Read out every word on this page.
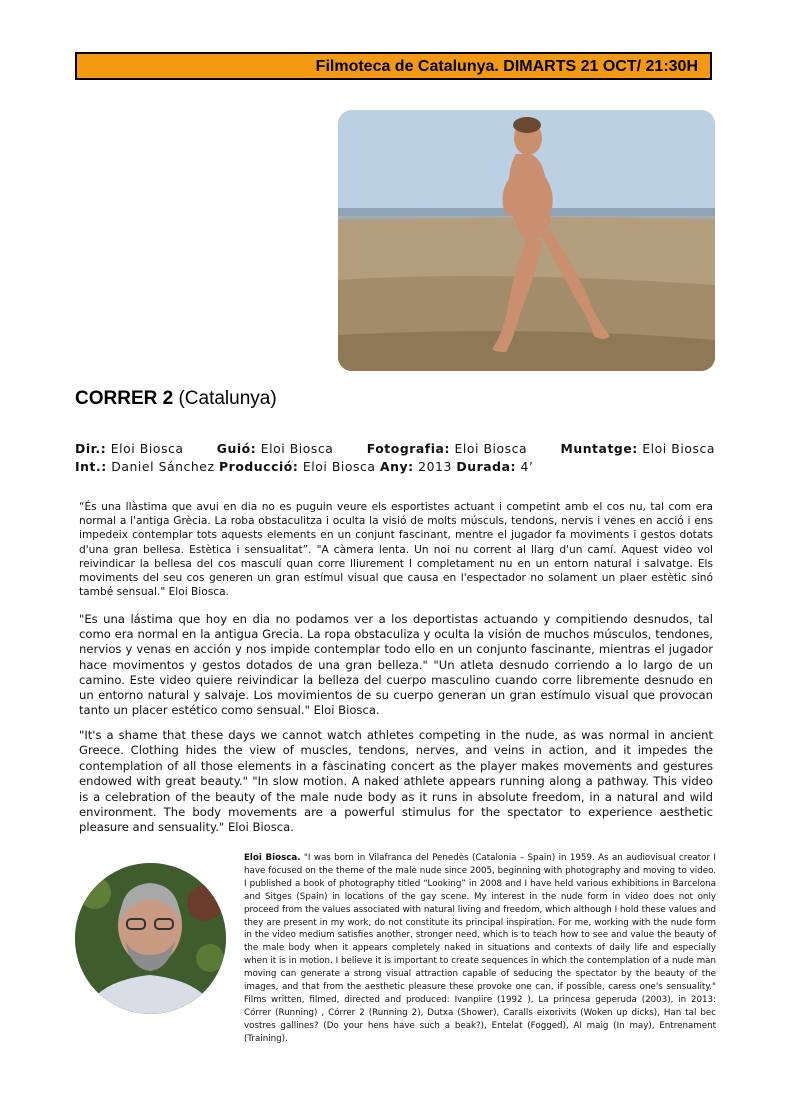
Filmoteca de Catalunya. DIMARTS 21 OCT/ 21:30H
CORRER 2 (Catalunya)
Dir.: Eloi Biosca	Guió: Eloi Biosca	Fotografia: Eloi Biosca	Muntatge: Eloi Biosca
Int.: Daniel Sánchez Producció: Eloi Biosca Any: 2013 Durada: 4’

“És una llàstima que avui en dia no es puguin veure els esportistes actuant i competint amb el cos nu, tal com era normal a l'antiga Grècia. La roba obstaculitza i oculta la visió de molts músculs, tendons, nervis i venes en acció i ens impedeix contemplar tots aquests elements en un conjunt fascinant, mentre el jugador fa moviments i gestos dotats d'una gran bellesa. Estètica i sensualitat”. "A càmera lenta. Un noi nu corrent al llarg d'un camí. Aquest video vol reivindicar la bellesa del cos masculí quan corre lliurement I completament nu en un entorn natural i salvatge. Els moviments del seu cos generen un gran estímul visual que causa en l'espectador no solament un plaer estètic sinó també sensual." Eloi Biosca.

"Es una lástima que hoy en dia no podamos ver a los deportistas actuando y compitiendo desnudos, tal como era normal en la antigua Grecia. La ropa obstaculiza y oculta la visión de muchos músculos, tendones, nervios y venas en acción y nos impide contemplar todo ello en un conjunto fascinante, mientras el jugador hace movimentos y gestos dotados de una gran belleza." "Un atleta desnudo corriendo a lo largo de un camino. Este video quiere reivindicar la belleza del cuerpo masculino cuando corre libremente desnudo en un entorno natural y salvaje. Los movimientos de su cuerpo generan un gran estímulo visual que provocan tanto un placer estético como sensual." Eloi Biosca.

"It's a shame that these days we cannot watch athletes competing in the nude, as was normal in ancient Greece. Clothing hides the view of muscles, tendons, nerves, and veins in action, and it impedes the contemplation of all those elements in a fascinating concert as the player makes movements and gestures endowed with great beauty." "In slow motion. A naked athlete appears running along a pathway. This video is a celebration of the beauty of the male nude body as it runs in absolute freedom, in a natural and wild environment. The body movements are a powerful stimulus for the spectator to experience aesthetic pleasure and sensuality." Eloi Biosca.

Eloi Biosca. "I was born in Vilafranca del Penedès (Catalonia – Spain) in 1959. As an audiovisual creator I have focused on the theme of the male nude since 2005, beginning with photography and moving to video. I published a book of photography titled “Looking” in 2008 and I have held various exhibitions in Barcelona and Sitges (Spain) in locations of the gay scene. My interest in the nude form in video does not only proceed from the values associated with natural living and freedom, which although I hold these values and they are present in my work, do not constitute its principal inspiration. For me, working with the nude form in the video medium satisfies another, stronger need, which is to teach how to see and value the beauty of the male body when it appears completely naked in situations and contexts of daily life and especially when it is in motion. I believe it is important to create sequences in which the contemplation of a nude man moving can generate a strong visual attraction capable of seducing the spectator by the beauty of the images, and that from the aesthetic pleasure these provoke one can, if possible, caress one's sensuality." Films written, filmed, directed and produced: Ivanpiire (1992 ), La princesa geperuda (2003), in 2013: Córrer (Running) , Córrer 2 (Running 2), Dutxa (Shower), Caralls eixorivits (Woken up dicks), Han tal bec vostres gallines? (Do your hens have such a beak?), Entelat (Fogged), Al maig (In may), Entrenament (Training).
